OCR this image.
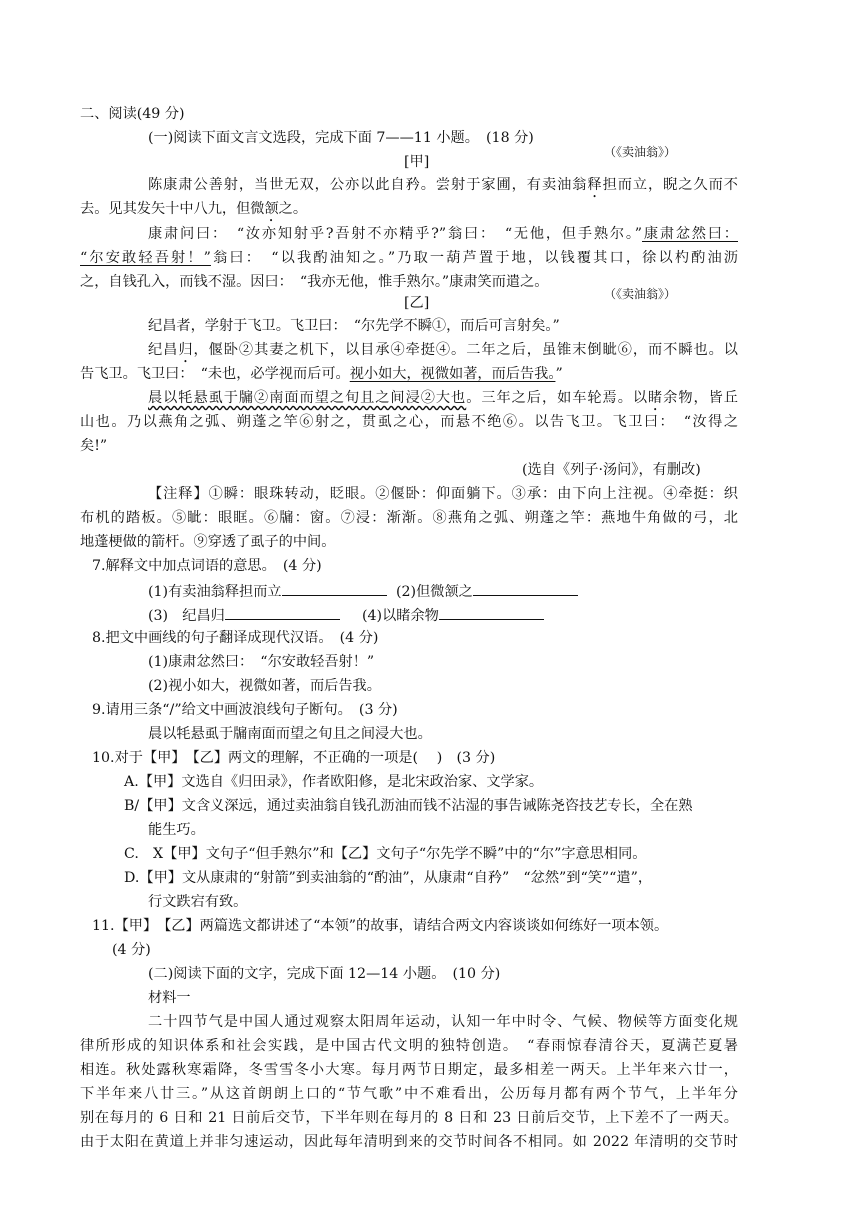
二、阅读(49 分)
(一)阅读下面文言文选段，完成下面 7——11 小题。　(18 分)
（《卖油翁》）
[甲]
陈康肃公善射，当世无双，公亦以此自矜。尝射于家圃，有卖油翁释担而立，睨之久而不
去。见其发矢十中八九，但微颔之。
康肃问曰：　“汝亦知射乎?吾射不亦精乎?”翁曰：　“无他，但手熟尔。”康肃忿然曰：
“尔安敢轻吾射！”翁曰：　“以我酌油知之。”乃取一葫芦置于地，以钱覆其口，徐以杓酌油沥
之，自钱孔入，而钱不湿。因曰：　“我亦无他，惟手熟尔。”康肃笑而遣之。
（《卖油翁》）
[乙]
纪昌者，学射于飞卫。飞卫曰：　“尔先学不瞬①，而后可言射矣。”
纪昌归，偃卧②其妻之机下，以目承④牵挺④。二年之后，虽锥末倒眦⑥，而不瞬也。以
告飞卫。飞卫曰：　“未也，必学视而后可。视小如大，视微如著，而后告我。”
晨以牦悬虱于牖②南面而望之旬且之间浸②大也。三年之后，如车轮焉。以睹余物，皆丘
山也。乃以燕角之弧、朔蓬之竿⑥射之，贯虱之心，而悬不绝⑥。以告飞卫。飞卫曰：　“汝得之
矣!”
(选自《列子·汤问》，有删改)
【注释】①瞬：眼珠转动，眨眼。②偃卧：仰面躺下。③承：由下向上注视。④牵挺：织
布机的踏板。⑤眦：眼眶。⑥牖：窗。⑦浸：渐渐。⑧燕角之弧、朔蓬之竿：燕地牛角做的弓，北
地蓬梗做的箭杆。⑨穿透了虱子的中间。
7.解释文中加点词语的意思。　(4 分)
(1)有卖油翁释担而立	(2)但微颔之
(3)　纪昌归	(4)以睹余物
8.把文中画线的句子翻译成现代汉语。　(4 分)
(1)康肃忿然曰：　“尔安敢轻吾射！”
(2)视小如大，视微如著，而后告我。
9.请用三条“/”给文中画波浪线句子断句。　(3 分)
晨以牦悬虱于牖南面而望之旬且之间浸大也。
10.对于【甲】　【乙】两文的理解，不正确的一项是(　 )　(3 分)
A.【甲】文选自《归田录》，作者欧阳修，是北宋政治家、文学家。
B/【甲】文含义深远，通过卖油翁自钱孔沥油而钱不沾湿的事告诫陈尧咨技艺专长，全在熟
能生巧。
C.　X【甲】文句子“但手熟尔”和【乙】文句子“尔先学不瞬”中的“尔”字意思相同。
D.【甲】文从康肃的“射箭”到卖油翁的“酌油”，从康肃“自矜”　“忿然”到“笑”“遣”，
行文跌宕有致。
11.【甲】　【乙】两篇选文都讲述了“本领”的故事，请结合两文内容谈谈如何练好一项本领。
(4 分)
(二)阅读下面的文字，完成下面 12—14 小题。　(10 分)
材料一
二十四节气是中国人通过观察太阳周年运动，认知一年中时令、气候、物候等方面变化规
律所形成的知识体系和社会实践，是中国古代文明的独特创造。　“春雨惊春清谷天，夏满芒夏暑
相连。秋处露秋寒霜降，冬雪雪冬小大寒。每月两节日期定，最多相差一两天。上半年来六廿一，
下半年来八廿三。”从这首朗朗上口的“节气歌”中不难看出，公历每月都有两个节气，上半年分
别在每月的 6 日和 21 日前后交节，下半年则在每月的 8 日和 23 日前后交节，上下差不了一两天。
由于太阳在黄道上并非匀速运动，因此每年清明到来的交节时间各不相同。如 2022 年清明的交节时
